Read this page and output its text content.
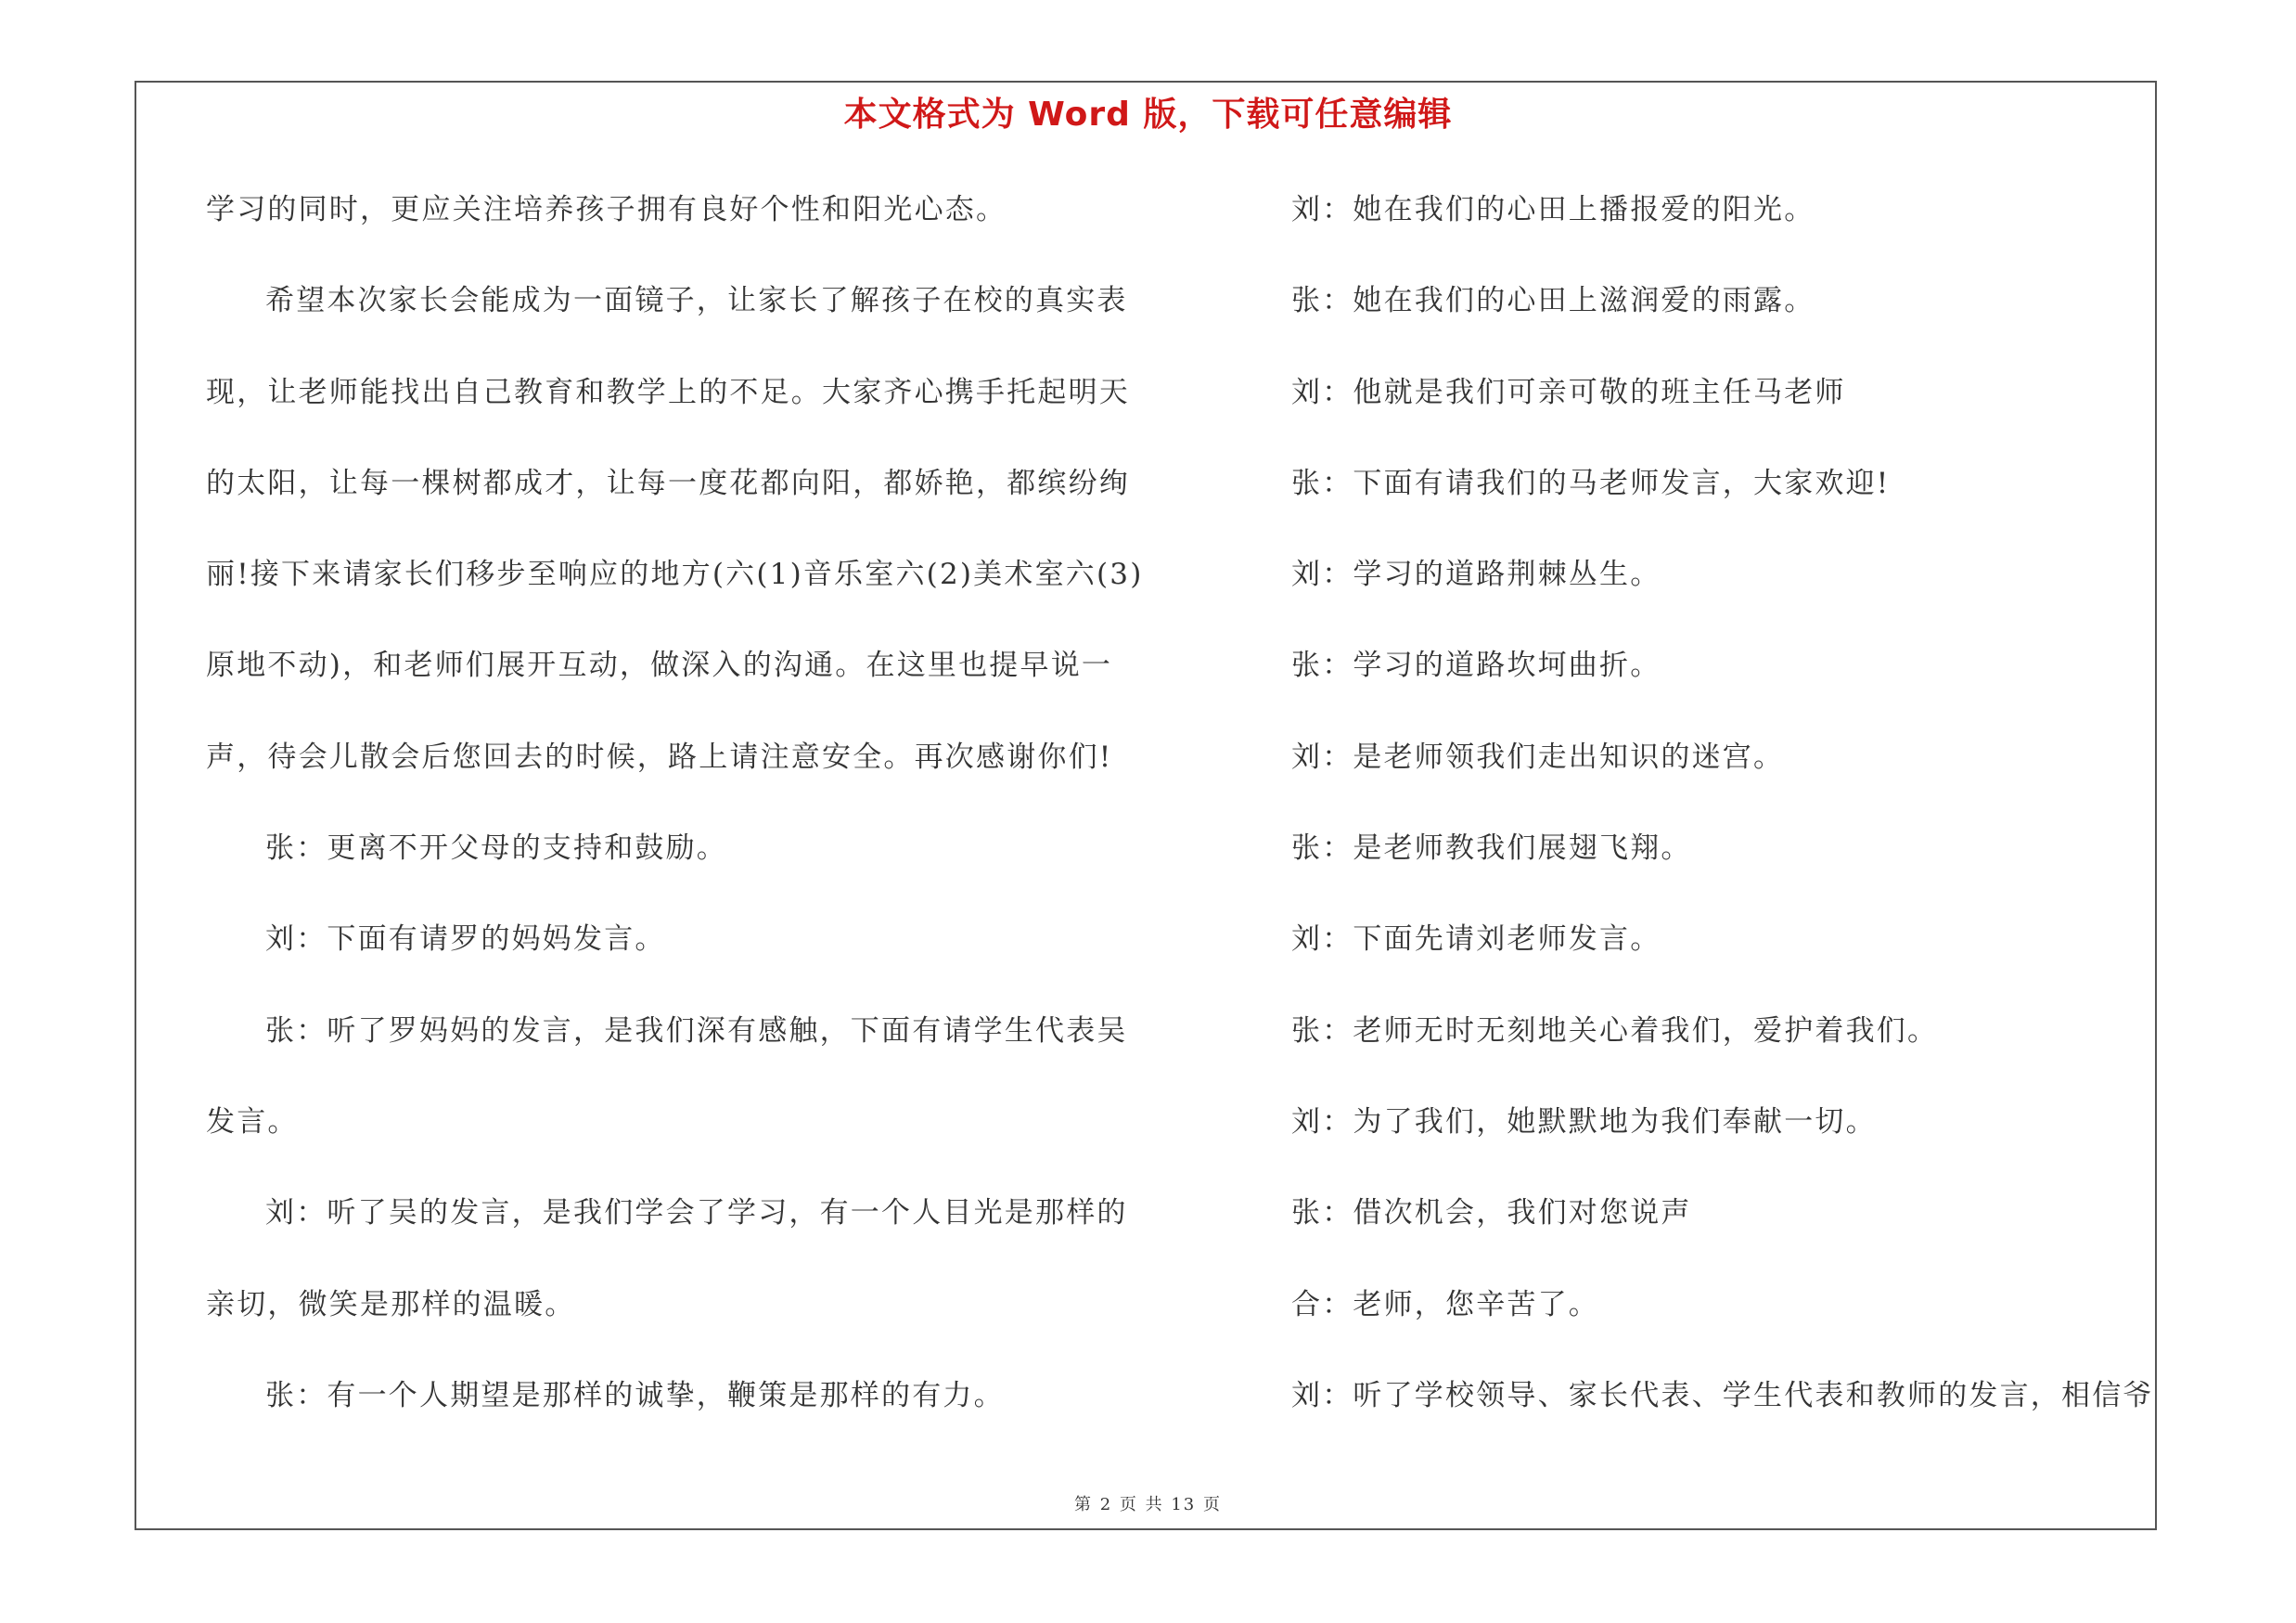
本文格式为 Word 版，下载可任意编辑
学习的同时，更应关注培养孩子拥有良好个性和阳光心态。
希望本次家长会能成为一面镜子，让家长了解孩子在校的真实表
现，让老师能找出自己教育和教学上的不足。大家齐心携手托起明天
的太阳，让每一棵树都成才，让每一度花都向阳，都娇艳，都缤纷绚
丽!接下来请家长们移步至响应的地方(六(1)音乐室六(2)美术室六(3)
原地不动)，和老师们展开互动，做深入的沟通。在这里也提早说一
声，待会儿散会后您回去的时候，路上请注意安全。再次感谢你们!
张：更离不开父母的支持和鼓励。
刘：下面有请罗的妈妈发言。
张：听了罗妈妈的发言，是我们深有感触，下面有请学生代表吴
发言。
刘：听了吴的发言，是我们学会了学习，有一个人目光是那样的
亲切，微笑是那样的温暖。
张：有一个人期望是那样的诚挚，鞭策是那样的有力。
刘：她在我们的心田上播报爱的阳光。
张：她在我们的心田上滋润爱的雨露。
刘：他就是我们可亲可敬的班主任马老师
张：下面有请我们的马老师发言，大家欢迎!
刘：学习的道路荆棘丛生。
张：学习的道路坎坷曲折。
刘：是老师领我们走出知识的迷宫。
张：是老师教我们展翅飞翔。
刘：下面先请刘老师发言。
张：老师无时无刻地关心着我们，爱护着我们。
刘：为了我们，她默默地为我们奉献一切。
张：借次机会，我们对您说声
合：老师，您辛苦了。
刘：听了学校领导、家长代表、学生代表和教师的发言，相信爷
第 2 页 共 13 页
